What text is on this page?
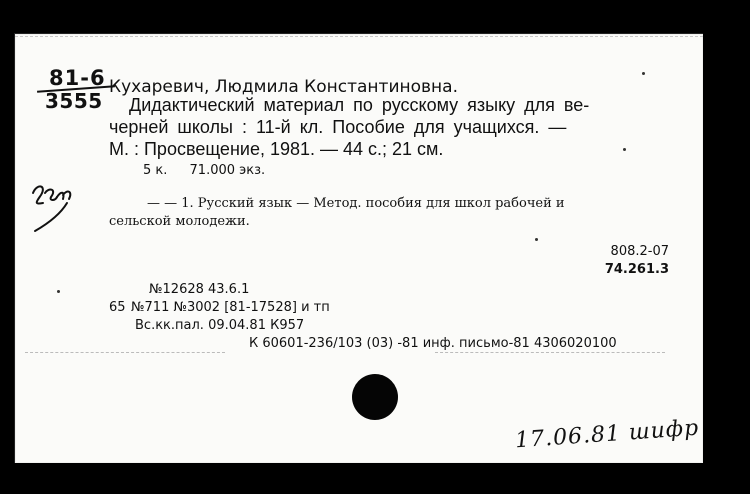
81-6
3555
Кухаревич, Людмила Константиновна.
Дидактический материал по русскому языку для ве-
черней школы : 11-й кл. Пособие для учащихся. —
М. : Просвещение, 1981. — 44 с.; 21 см.
5 к. 71.000 экз.
— — 1. Русский язык — Метод. пособия для школ рабочей и
сельской молодежи.
808.2-07
74.261.3
№12628 43.6.1
65 №711 №3002 [81-17528] и тп
Вс.кк.пал. 09.04.81 К957
К 60601-236/103 (03) -81 инф. письмо-81 4306020100
17.06.81 шифр
